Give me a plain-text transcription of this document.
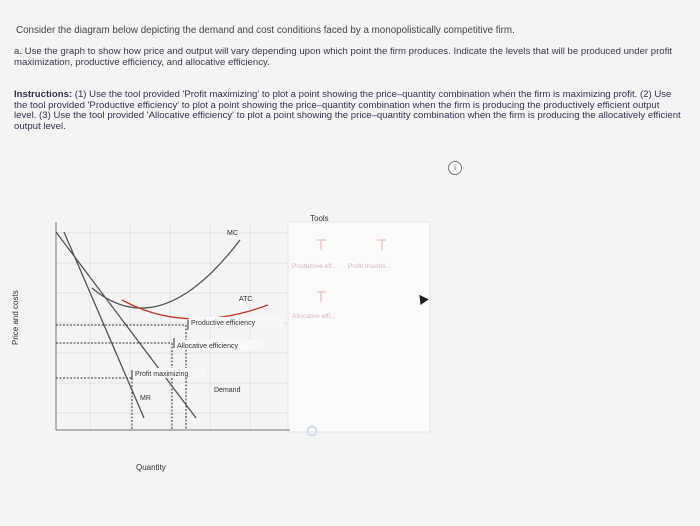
Consider the diagram below depicting the demand and cost conditions faced by a monopolistically competitive firm.
a. Use the graph to show how price and output will vary depending upon which point the firm produces. Indicate the levels that will be produced under profit maximization, productive efficiency, and allocative efficiency.
Instructions: (1) Use the tool provided 'Profit maximizing' to plot a point showing the price–quantity combination when the firm is maximizing profit. (2) Use the tool provided 'Productive efficiency' to plot a point showing the price–quantity combination when the firm is producing the productively efficient output level. (3) Use the tool provided 'Allocative efficiency' to plot a point showing the price–quantity combination when the firm is producing the allocatively efficient output level.
i
MC
ATC
Demand
MR
Productive efficiency
Allocative efficiency
Profit maximizing
Price and costs
Quantity
Tools
Productive eff... Profit maximi...
Allocative effi...
